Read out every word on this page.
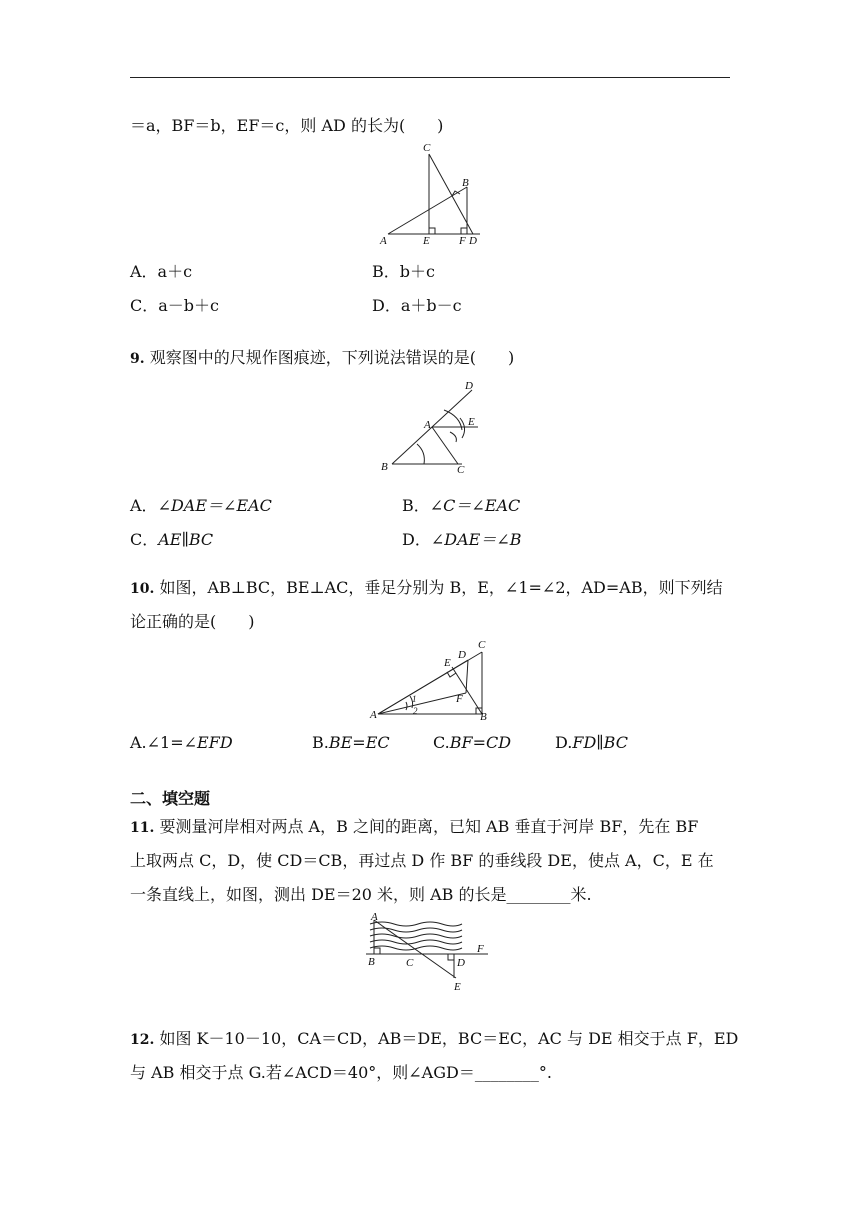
＝a，BF＝b，EF＝c，则 AD 的长为(　　)
A
C
B
E	F D
A．a＋c	B．b＋c
C．a－b＋c	D．a＋b－c
9. 观察图中的尺规作图痕迹，下列说法错误的是(　　)
D
E
A
B	C
A．∠DAE＝∠EAC	B．∠C＝∠EAC
C．AE∥BC	D．∠DAE＝∠B
10. 如图，AB⊥BC，BE⊥AC，垂足分别为 B，E，∠1=∠2，AD=AB，则下列结
论正确的是(　　)
C
D
E
F
A	B
1
2
A.∠1=∠EFD	B.BE=EC	C.BF=CD	D.FD∥BC
二、填空题
11. 要测量河岸相对两点 A，B 之间的距离，已知 AB 垂直于河岸 BF，先在 BF
上取两点 C，D，使 CD＝CB，再过点 D 作 BF 的垂线段 DE，使点 A，C，E 在
一条直线上，如图，测出 DE＝20 米，则 AB 的长是________米.
A
B	C	D
F
E
12. 如图 K－10－10，CA＝CD，AB＝DE，BC＝EC，AC 与 DE 相交于点 F，ED
与 AB 相交于点 G.若∠ACD＝40°，则∠AGD＝________°.
